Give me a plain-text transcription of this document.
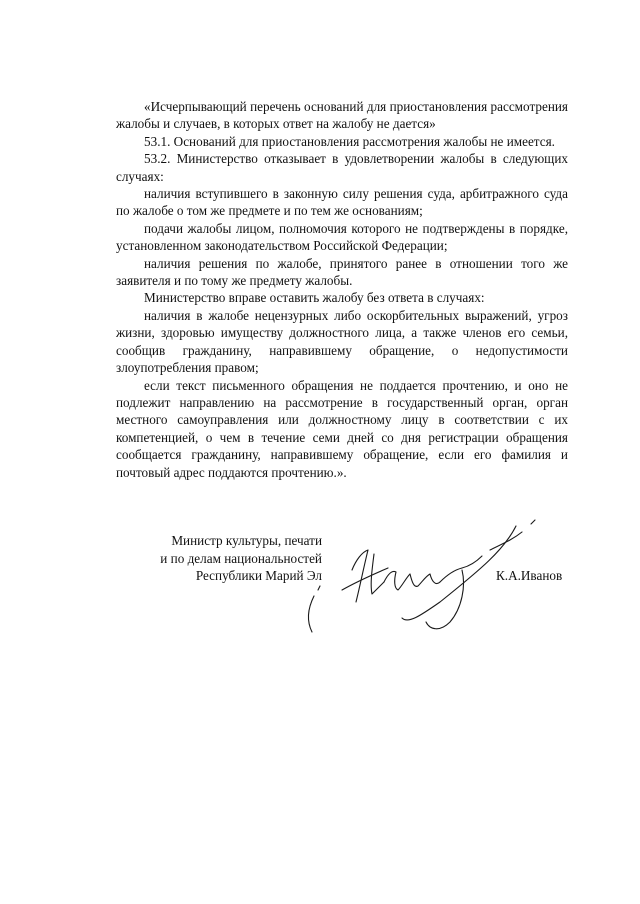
«Исчерпывающий перечень оснований для приостановления рассмотрения жалобы и случаев, в которых ответ на жалобу не дается»

53.1. Оснований для приостановления рассмотрения жалобы не имеется.

53.2. Министерство отказывает в удовлетворении жалобы в следующих случаях:

наличия вступившего в законную силу решения суда, арбитражного суда по жалобе о том же предмете и по тем же основаниям;

подачи жалобы лицом, полномочия которого не подтверждены в порядке, установленном законодательством Российской Федерации;

наличия решения по жалобе, принятого ранее в отношении того же заявителя и по тому же предмету жалобы.

Министерство вправе оставить жалобу без ответа в случаях:

наличия в жалобе нецензурных либо оскорбительных выражений, угроз жизни, здоровью имуществу должностного лица, а также членов его семьи, сообщив гражданину, направившему обращение, о недопустимости злоупотребления правом;

если текст письменного обращения не поддается прочтению, и оно не подлежит направлению на рассмотрение в государственный орган, орган местного самоуправления или должностному лицу в соответствии с их компетенцией, о чем в течение семи дней со дня регистрации обращения сообщается гражданину, направившему обращение, если его фамилия и почтовый адрес поддаются прочтению.».

Министр культуры, печати
и по делам национальностей
Республики Марий Эл	К.А.Иванов
